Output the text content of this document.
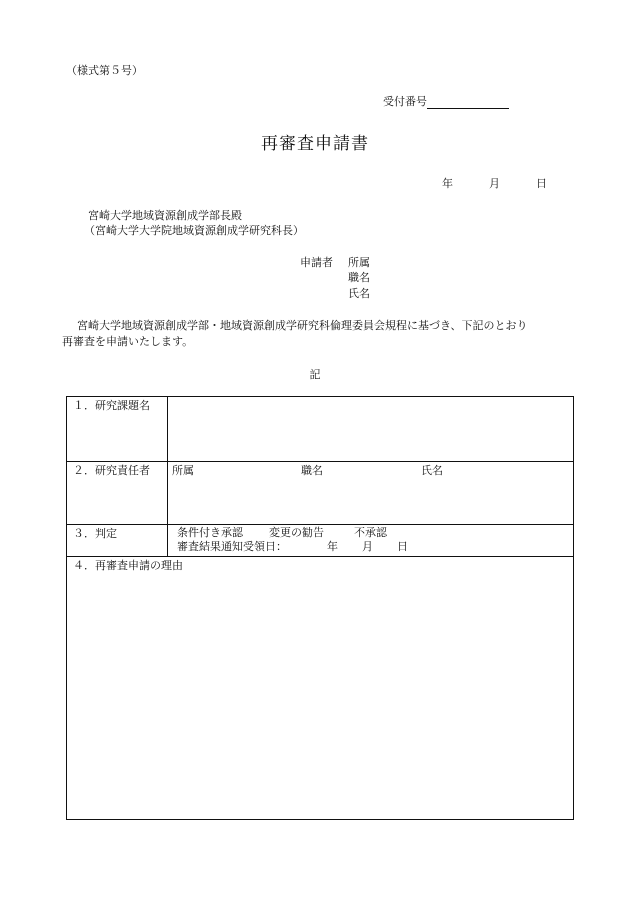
（様式第５号）
受付番号
再審査申請書
年	月	日
宮崎大学地域資源創成学部長殿
（宮崎大学大学院地域資源創成学研究科長）
申請者 所属
職名
氏名
宮崎大学地域資源創成学部・地域資源創成学研究科倫理委員会規程に基づき、下記のとおり
再審査を申請いたします。
記
１．研究課題名	

２．研究責任者	所属 職名 氏名

３．判定	条件付き承認 変更の勧告 不承認
審査結果通知受領日： 年 月 日

４．再審査申請の理由	
